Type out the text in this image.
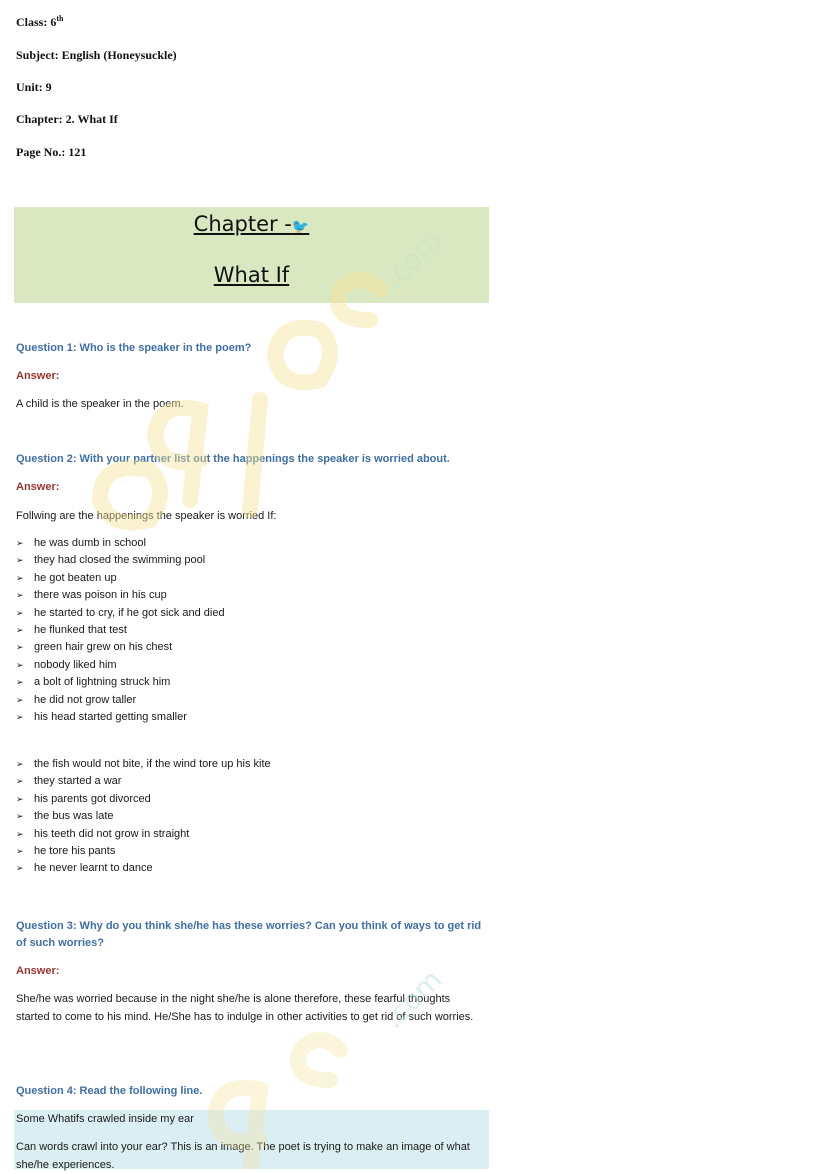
Class: 6th
Subject: English (Honeysuckle)
Unit: 9
Chapter: 2. What If
Page No.: 121
Chapter -🐦
What If
Question 1: Who is the speaker in the poem?
Answer:
A child is the speaker in the poem.
Question 2: With your partner list out the happenings the speaker is worried about.
Answer:
Follwing are the happenings the speaker is worried If:
➢ he was dumb in school
➢ they had closed the swimming pool
➢ he got beaten up
➢ there was poison in his cup
➢ he started to cry, if he got sick and died
➢ he flunked that test
➢ green hair grew on his chest
➢ nobody liked him
➢ a bolt of lightning struck him
➢ he did not grow taller
➢ his head started getting smaller
➢ the fish would not bite, if the wind tore up his kite
➢ they started a war
➢ his parents got divorced
➢ the bus was late
➢ his teeth did not grow in straight
➢ he tore his pants
➢ he never learnt to dance
Question 3: Why do you think she/he has these worries? Can you think of ways to get rid of such worries?
Answer:
She/he was worried because in the night she/he is alone therefore, these fearful thoughts started to come to his mind. He/She has to indulge in other activities to get rid of such worries.
Question 4: Read the following line.
Some Whatifs crawled inside my ear
Can words crawl into your ear? This is an image. The poet is trying to make an image of what she/he experiences.
.com
.com
